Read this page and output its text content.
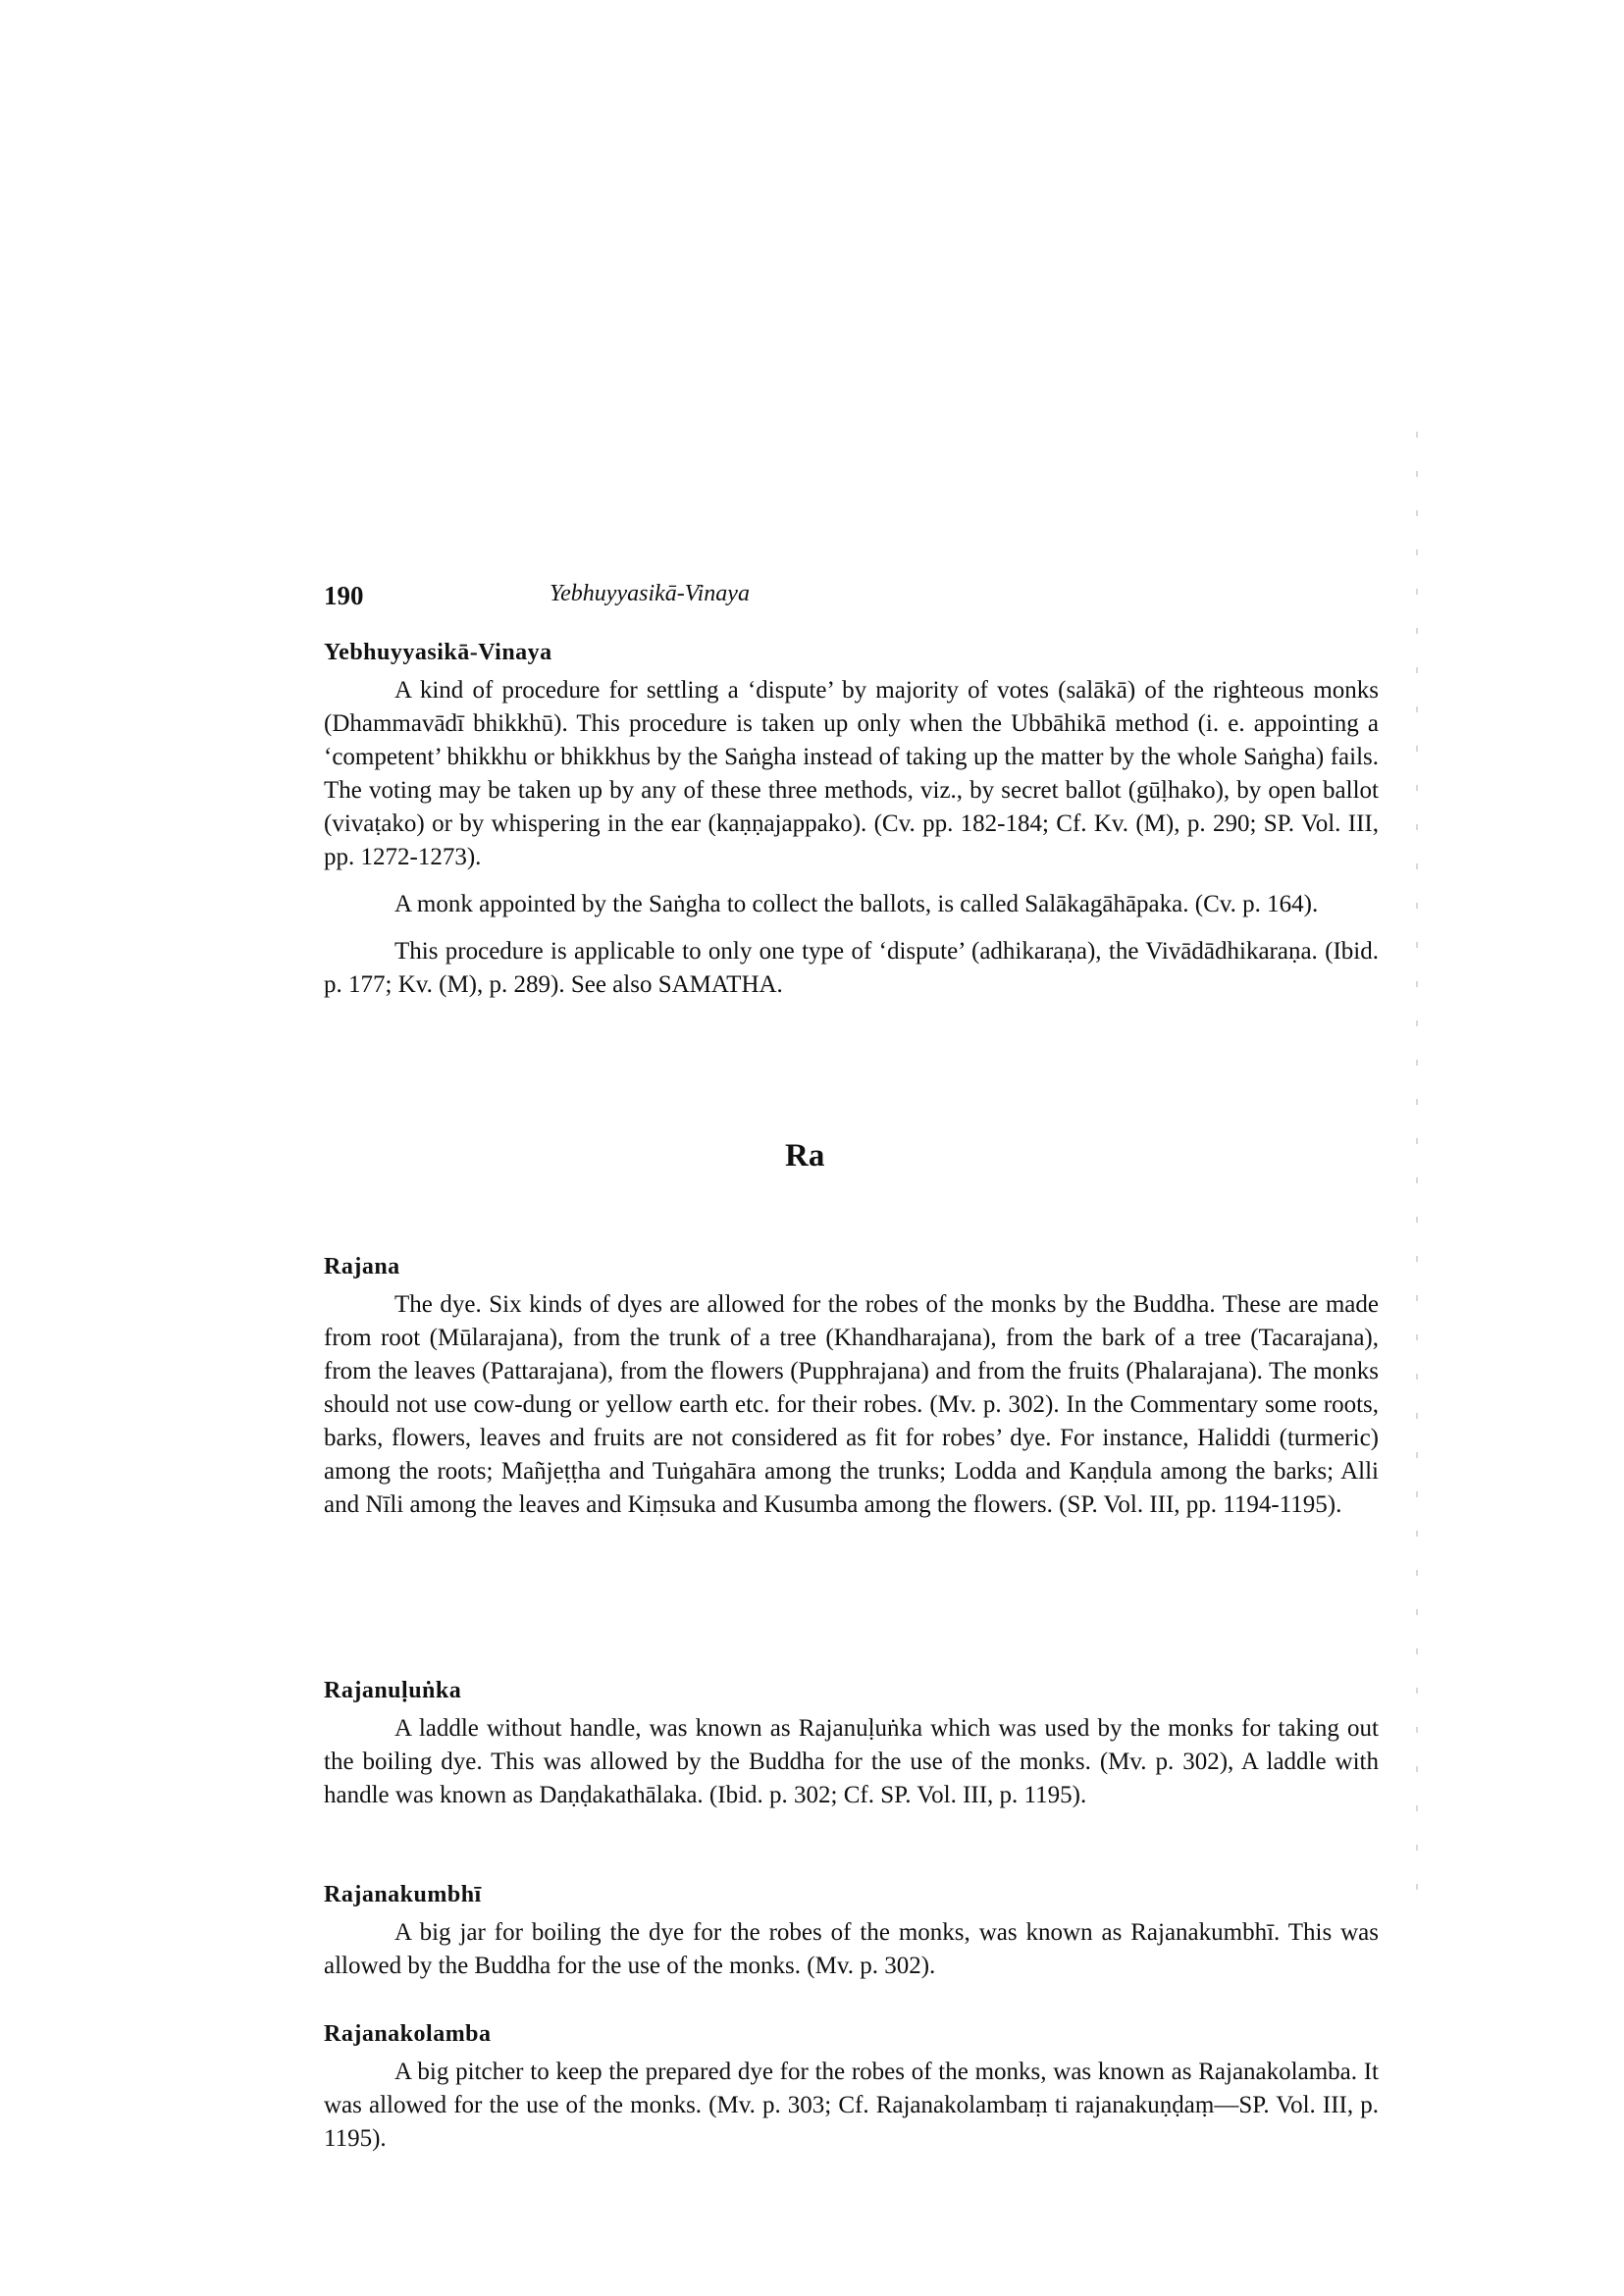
190	Yebhuyyasikā-Vinaya
Yebhuyyasikā-Vinaya

A kind of procedure for settling a ‘dispute’ by majority of votes (salākā) of the righteous monks (Dhammavādī bhikkhū). This procedure is taken up only when the Ubbāhikā method (i. e. appointing a ‘competent’ bhikkhu or bhikkhus by the Saṅgha instead of taking up the matter by the whole Saṅgha) fails. The voting may be taken up by any of these three methods, viz., by secret ballot (gūḷhako), by open ballot (vivaṭako) or by whispering in the ear (kaṇṇajappako). (Cv. pp. 182-184; Cf. Kv. (M), p. 290; SP. Vol. III, pp. 1272-1273).

A monk appointed by the Saṅgha to collect the ballots, is called Salākagāhāpaka. (Cv. p. 164).

This procedure is applicable to only one type of ‘dispute’ (adhikaraṇa), the Vivādādhikaraṇa. (Ibid. p. 177; Kv. (M), p. 289). See also SAMATHA.

Ra
Rajana

The dye. Six kinds of dyes are allowed for the robes of the monks by the Buddha. These are made from root (Mūlarajana), from the trunk of a tree (Khandharajana), from the bark of a tree (Tacarajana), from the leaves (Pattarajana), from the flowers (Pupphrajana) and from the fruits (Phalarajana). The monks should not use cow-dung or yellow earth etc. for their robes. (Mv. p. 302). In the Commentary some roots, barks, flowers, leaves and fruits are not considered as fit for robes’ dye. For instance, Haliddi (turmeric) among the roots; Mañjeṭṭha and Tuṅgahāra among the trunks; Lodda and Kaṇḍula among the barks; Alli and Nīli among the leaves and Kiṃsuka and Kusumba among the flowers. (SP. Vol. III, pp. 1194-1195).

Rajanuḷuṅka

A laddle without handle, was known as Rajanuḷuṅka which was used by the monks for taking out the boiling dye. This was allowed by the Buddha for the use of the monks. (Mv. p. 302), A laddle with handle was known as Daṇḍakathālaka. (Ibid. p. 302; Cf. SP. Vol. III, p. 1195).

Rajanakumbhī

A big jar for boiling the dye for the robes of the monks, was known as Rajanakumbhī. This was allowed by the Buddha for the use of the monks. (Mv. p. 302).

Rajanakolamba

A big pitcher to keep the prepared dye for the robes of the monks, was known as Rajanakolamba. It was allowed for the use of the monks. (Mv. p. 303; Cf. Rajanakolambaṃ ti rajanakuṇḍaṃ—SP. Vol. III, p. 1195).
